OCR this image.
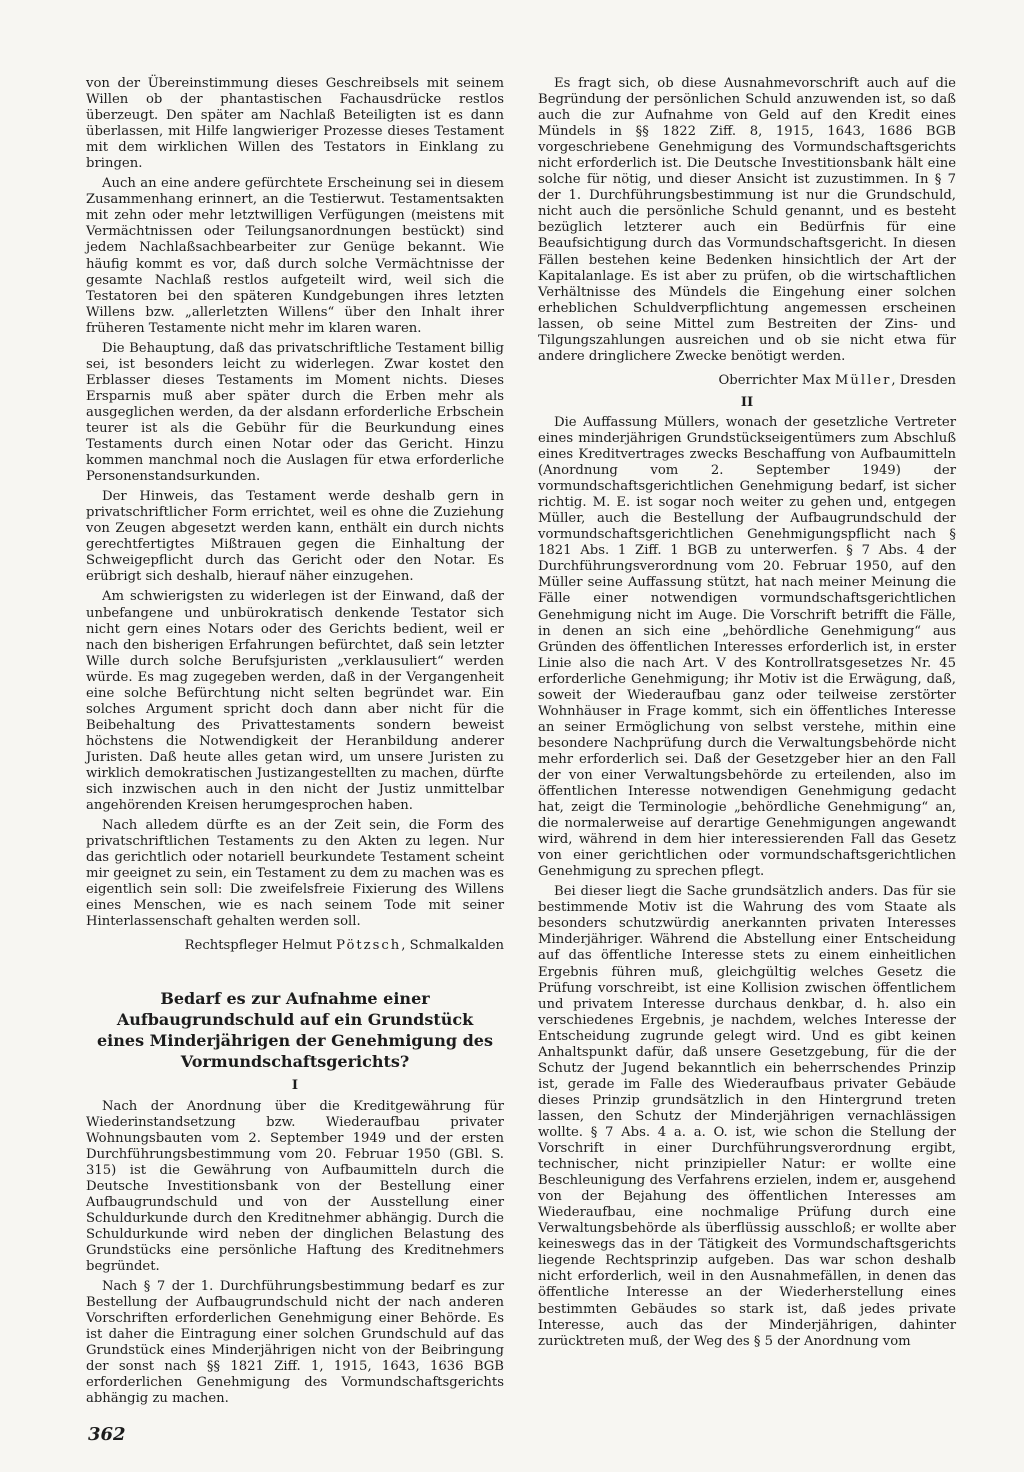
von der Übereinstimmung dieses Geschreibsels mit seinem Willen ob der phantastischen Fachausdrücke restlos überzeugt. Den später am Nachlaß Beteiligten ist es dann überlassen, mit Hilfe langwieriger Prozesse dieses Testament mit dem wirklichen Willen des Testators in Einklang zu bringen.

Auch an eine andere gefürchtete Erscheinung sei in diesem Zusammenhang erinnert, an die Testierwut. Testamentsakten mit zehn oder mehr letztwilligen Verfügungen (meistens mit Vermächtnissen oder Teilungsanordnungen bestückt) sind jedem Nachlaßsachbearbeiter zur Genüge bekannt. Wie häufig kommt es vor, daß durch solche Vermächtnisse der gesamte Nachlaß restlos aufgeteilt wird, weil sich die Testatoren bei den späteren Kundgebungen ihres letzten Willens bzw. „allerletzten Willens“ über den Inhalt ihrer früheren Testamente nicht mehr im klaren waren.

Die Behauptung, daß das privatschriftliche Testament billig sei, ist besonders leicht zu widerlegen. Zwar kostet den Erblasser dieses Testaments im Moment nichts. Dieses Ersparnis muß aber später durch die Erben mehr als ausgeglichen werden, da der alsdann erforderliche Erbschein teurer ist als die Gebühr für die Beurkundung eines Testaments durch einen Notar oder das Gericht. Hinzu kommen manchmal noch die Auslagen für etwa erforderliche Personenstandsurkunden.

Der Hinweis, das Testament werde deshalb gern in privatschriftlicher Form errichtet, weil es ohne die Zuziehung von Zeugen abgesetzt werden kann, enthält ein durch nichts gerechtfertigtes Mißtrauen gegen die Einhaltung der Schweigepflicht durch das Gericht oder den Notar. Es erübrigt sich deshalb, hierauf näher einzugehen.

Am schwierigsten zu widerlegen ist der Einwand, daß der unbefangene und unbürokratisch denkende Testator sich nicht gern eines Notars oder des Gerichts bedient, weil er nach den bisherigen Erfahrungen befürchtet, daß sein letzter Wille durch solche Berufsjuristen „verklausuliert“ werden würde. Es mag zugegeben werden, daß in der Vergangenheit eine solche Befürchtung nicht selten begründet war. Ein solches Argument spricht doch dann aber nicht für die Beibehaltung des Privattestaments sondern beweist höchstens die Notwendigkeit der Heranbildung anderer Juristen. Daß heute alles getan wird, um unsere Juristen zu wirklich demokratischen Justizangestellten zu machen, dürfte sich inzwischen auch in den nicht der Justiz unmittelbar angehörenden Kreisen herumgesprochen haben.

Nach alledem dürfte es an der Zeit sein, die Form des privatschriftlichen Testaments zu den Akten zu legen. Nur das gerichtlich oder notariell beurkundete Testament scheint mir geeignet zu sein, ein Testament zu dem zu machen was es eigentlich sein soll: Die zweifelsfreie Fixierung des Willens eines Menschen, wie es nach seinem Tode mit seiner Hinterlassenschaft gehalten werden soll.

Rechtspfleger Helmut Pötzsch, Schmalkalden
Bedarf es zur Aufnahme einer Aufbaugrundschuld auf ein Grundstück eines Minderjährigen der Genehmigung des Vormundschaftsgerichts?
I

Nach der Anordnung über die Kreditgewährung für Wiederinstandsetzung bzw. Wiederaufbau privater Wohnungsbauten vom 2. September 1949 und der ersten Durchführungsbestimmung vom 20. Februar 1950 (GBl. S. 315) ist die Gewährung von Aufbaumitteln durch die Deutsche Investitionsbank von der Bestellung einer Aufbaugrundschuld und von der Ausstellung einer Schuldurkunde durch den Kreditnehmer abhängig. Durch die Schuldurkunde wird neben der dinglichen Belastung des Grundstücks eine persönliche Haftung des Kreditnehmers begründet.

Nach § 7 der 1. Durchführungsbestimmung bedarf es zur Bestellung der Aufbaugrundschuld nicht der nach anderen Vorschriften erforderlichen Genehmigung einer Behörde. Es ist daher die Eintragung einer solchen Grundschuld auf das Grundstück eines Minderjährigen nicht von der Beibringung der sonst nach §§ 1821 Ziff. 1, 1915, 1643, 1636 BGB erforderlichen Genehmigung des Vormundschaftsgerichts abhängig zu machen.

Es fragt sich, ob diese Ausnahmevorschrift auch auf die Begründung der persönlichen Schuld anzuwenden ist, so daß auch die zur Aufnahme von Geld auf den Kredit eines Mündels in §§ 1822 Ziff. 8, 1915, 1643, 1686 BGB vorgeschriebene Genehmigung des Vormundschaftsgerichts nicht erforderlich ist. Die Deutsche Investitionsbank hält eine solche für nötig, und dieser Ansicht ist zuzustimmen. In § 7 der 1. Durchführungsbestimmung ist nur die Grundschuld, nicht auch die persönliche Schuld genannt, und es besteht bezüglich letzterer auch ein Bedürfnis für eine Beaufsichtigung durch das Vormundschaftsgericht. In diesen Fällen bestehen keine Bedenken hinsichtlich der Art der Kapitalanlage. Es ist aber zu prüfen, ob die wirtschaftlichen Verhältnisse des Mündels die Eingehung einer solchen erheblichen Schuldverpflichtung angemessen erscheinen lassen, ob seine Mittel zum Bestreiten der Zins- und Tilgungszahlungen ausreichen und ob sie nicht etwa für andere dringlichere Zwecke benötigt werden.

Oberrichter Max Müller, Dresden
II

Die Auffassung Müllers, wonach der gesetzliche Vertreter eines minderjährigen Grundstückseigentümers zum Abschluß eines Kreditvertrages zwecks Beschaffung von Aufbaumitteln (Anordnung vom 2. September 1949) der vormundschaftsgerichtlichen Genehmigung bedarf, ist sicher richtig. M. E. ist sogar noch weiter zu gehen und, entgegen Müller, auch die Bestellung der Aufbaugrundschuld der vormundschaftsgerichtlichen Genehmigungspflicht nach § 1821 Abs. 1 Ziff. 1 BGB zu unterwerfen. § 7 Abs. 4 der Durchführungsverordnung vom 20. Februar 1950, auf den Müller seine Auffassung stützt, hat nach meiner Meinung die Fälle einer notwendigen vormundschaftsgerichtlichen Genehmigung nicht im Auge. Die Vorschrift betrifft die Fälle, in denen an sich eine „behördliche Genehmigung“ aus Gründen des öffentlichen Interesses erforderlich ist, in erster Linie also die nach Art. V des Kontrollratsgesetzes Nr. 45 erforderliche Genehmigung; ihr Motiv ist die Erwägung, daß, soweit der Wiederaufbau ganz oder teilweise zerstörter Wohnhäuser in Frage kommt, sich ein öffentliches Interesse an seiner Ermöglichung von selbst verstehe, mithin eine besondere Nachprüfung durch die Verwaltungsbehörde nicht mehr erforderlich sei. Daß der Gesetzgeber hier an den Fall der von einer Verwaltungsbehörde zu erteilenden, also im öffentlichen Interesse notwendigen Genehmigung gedacht hat, zeigt die Terminologie „behördliche Genehmigung“ an, die normalerweise auf derartige Genehmigungen angewandt wird, während in dem hier interessierenden Fall das Gesetz von einer gerichtlichen oder vormundschaftsgerichtlichen Genehmigung zu sprechen pflegt.

Bei dieser liegt die Sache grundsätzlich anders. Das für sie bestimmende Motiv ist die Wahrung des vom Staate als besonders schutzwürdig anerkannten privaten Interesses Minderjähriger. Während die Abstellung einer Entscheidung auf das öffentliche Interesse stets zu einem einheitlichen Ergebnis führen muß, gleichgültig welches Gesetz die Prüfung vorschreibt, ist eine Kollision zwischen öffentlichem und privatem Interesse durchaus denkbar, d. h. also ein verschiedenes Ergebnis, je nachdem, welches Interesse der Entscheidung zugrunde gelegt wird. Und es gibt keinen Anhaltspunkt dafür, daß unsere Gesetzgebung, für die der Schutz der Jugend bekanntlich ein beherrschendes Prinzip ist, gerade im Falle des Wiederaufbaus privater Gebäude dieses Prinzip grundsätzlich in den Hintergrund treten lassen, den Schutz der Minderjährigen vernachlässigen wollte. § 7 Abs. 4 a. a. O. ist, wie schon die Stellung der Vorschrift in einer Durchführungsverordnung ergibt, technischer, nicht prinzipieller Natur: er wollte eine Beschleunigung des Verfahrens erzielen, indem er, ausgehend von der Bejahung des öffentlichen Interesses am Wiederaufbau, eine nochmalige Prüfung durch eine Verwaltungsbehörde als überflüssig ausschloß; er wollte aber keineswegs das in der Tätigkeit des Vormundschaftsgerichts liegende Rechtsprinzip aufgeben. Das war schon deshalb nicht erforderlich, weil in den Ausnahmefällen, in denen das öffentliche Interesse an der Wiederherstellung eines bestimmten Gebäudes so stark ist, daß jedes private Interesse, auch das der Minderjährigen, dahinter zurücktreten muß, der Weg des § 5 der Anordnung vom

362
